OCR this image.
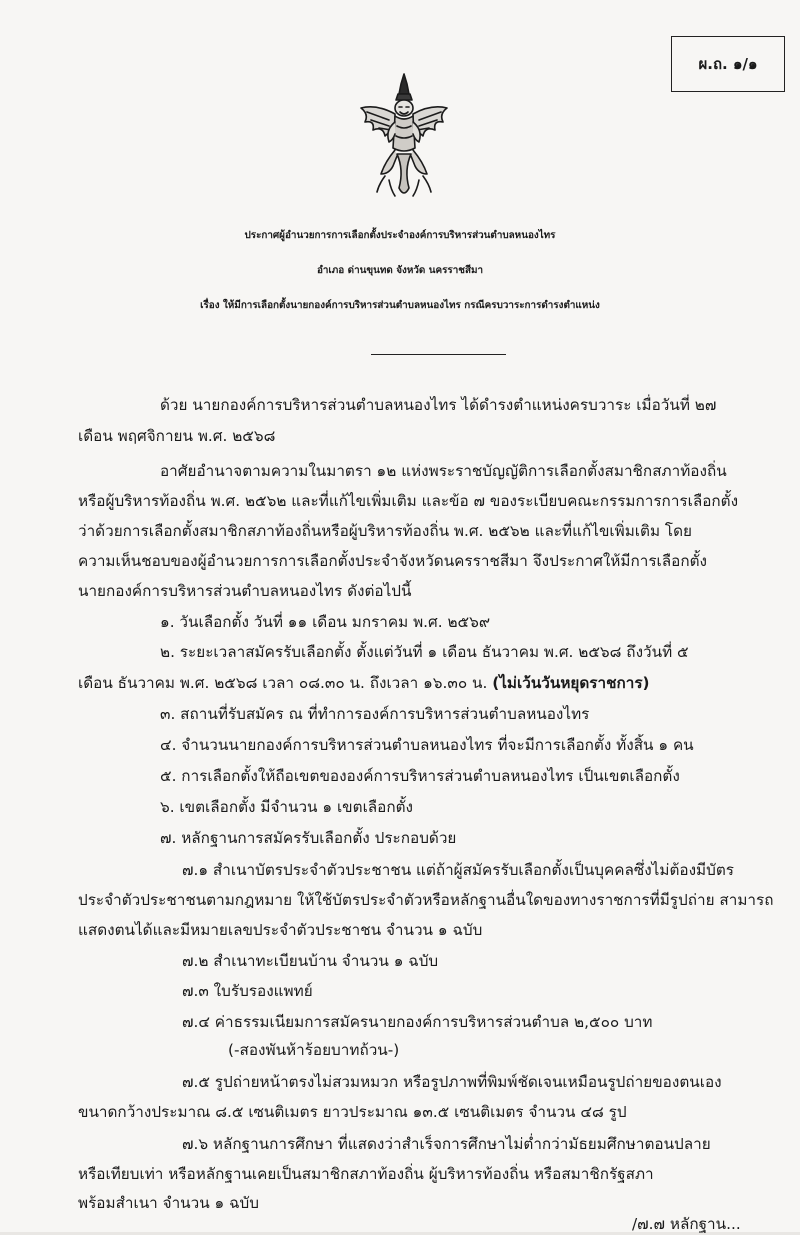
ผ.ถ. ๑/๑
ประกาศผู้อำนวยการการเลือกตั้งประจำองค์การบริหารส่วนตำบลหนองไทร
อำเภอ ด่านขุนทด จังหวัด นครราชสีมา
เรื่อง ให้มีการเลือกตั้งนายกองค์การบริหารส่วนตำบลหนองไทร กรณีครบวาระการดำรงตำแหน่ง
ด้วย นายกองค์การบริหารส่วนตำบลหนองไทร ได้ดำรงตำแหน่งครบวาระ เมื่อวันที่ ๒๗
เดือน พฤศจิกายน พ.ศ. ๒๕๖๘
อาศัยอำนาจตามความในมาตรา ๑๒ แห่งพระราชบัญญัติการเลือกตั้งสมาชิกสภาท้องถิ่น
หรือผู้บริหารท้องถิ่น พ.ศ. ๒๕๖๒ และที่แก้ไขเพิ่มเติม และข้อ ๗ ของระเบียบคณะกรรมการการเลือกตั้ง
ว่าด้วยการเลือกตั้งสมาชิกสภาท้องถิ่นหรือผู้บริหารท้องถิ่น พ.ศ. ๒๕๖๒ และที่แก้ไขเพิ่มเติม โดย
ความเห็นชอบของผู้อำนวยการการเลือกตั้งประจำจังหวัดนครราชสีมา จึงประกาศให้มีการเลือกตั้ง
นายกองค์การบริหารส่วนตำบลหนองไทร ดังต่อไปนี้
๑. วันเลือกตั้ง วันที่ ๑๑ เดือน มกราคม พ.ศ. ๒๕๖๙
๒. ระยะเวลาสมัครรับเลือกตั้ง ตั้งแต่วันที่ ๑ เดือน ธันวาคม พ.ศ. ๒๕๖๘ ถึงวันที่ ๕
เดือน ธันวาคม พ.ศ. ๒๕๖๘ เวลา ๐๘.๓๐ น. ถึงเวลา ๑๖.๓๐ น. (ไม่เว้นวันหยุดราชการ)
๓. สถานที่รับสมัคร ณ ที่ทำการองค์การบริหารส่วนตำบลหนองไทร
๔. จำนวนนายกองค์การบริหารส่วนตำบลหนองไทร ที่จะมีการเลือกตั้ง ทั้งสิ้น ๑ คน
๕. การเลือกตั้งให้ถือเขตขององค์การบริหารส่วนตำบลหนองไทร เป็นเขตเลือกตั้ง
๖. เขตเลือกตั้ง มีจำนวน ๑ เขตเลือกตั้ง
๗. หลักฐานการสมัครรับเลือกตั้ง ประกอบด้วย
๗.๑ สำเนาบัตรประจำตัวประชาชน แต่ถ้าผู้สมัครรับเลือกตั้งเป็นบุคคลซึ่งไม่ต้องมีบัตร
ประจำตัวประชาชนตามกฎหมาย ให้ใช้บัตรประจำตัวหรือหลักฐานอื่นใดของทางราชการที่มีรูปถ่าย สามารถ
แสดงตนได้และมีหมายเลขประจำตัวประชาชน จำนวน ๑ ฉบับ
๗.๒ สำเนาทะเบียนบ้าน จำนวน ๑ ฉบับ
๗.๓ ใบรับรองแพทย์
๗.๔ ค่าธรรมเนียมการสมัครนายกองค์การบริหารส่วนตำบล ๒,๕๐๐ บาท
(-สองพันห้าร้อยบาทถ้วน-)
๗.๕ รูปถ่ายหน้าตรงไม่สวมหมวก หรือรูปภาพที่พิมพ์ชัดเจนเหมือนรูปถ่ายของตนเอง
ขนาดกว้างประมาณ ๘.๕ เซนติเมตร ยาวประมาณ ๑๓.๕ เซนติเมตร จำนวน ๔๘ รูป
๗.๖ หลักฐานการศึกษา ที่แสดงว่าสำเร็จการศึกษาไม่ต่ำกว่ามัธยมศึกษาตอนปลาย
หรือเทียบเท่า หรือหลักฐานเคยเป็นสมาชิกสภาท้องถิ่น ผู้บริหารท้องถิ่น หรือสมาชิกรัฐสภา
พร้อมสำเนา จำนวน ๑ ฉบับ
/๗.๗ หลักฐาน...
